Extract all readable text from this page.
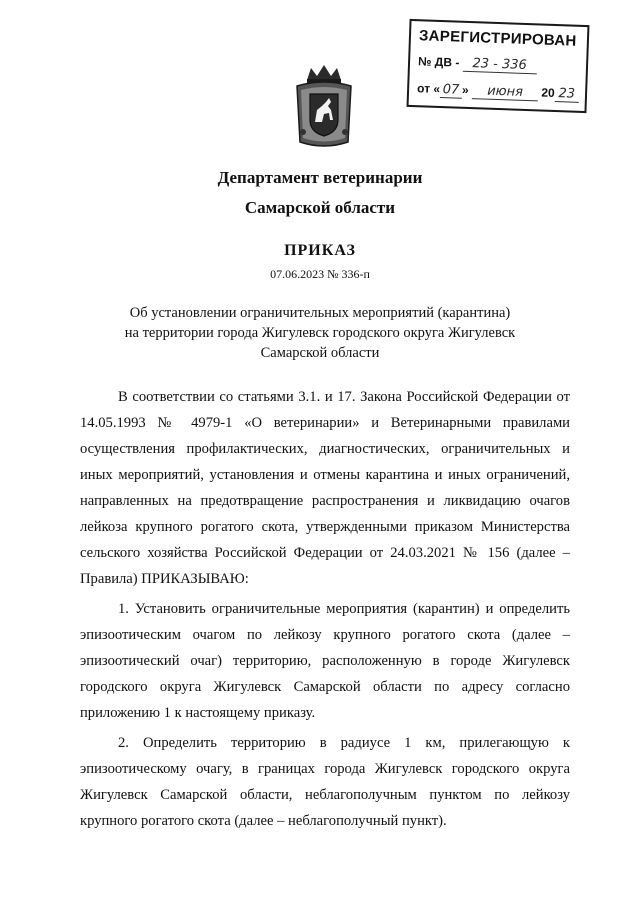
ЗАРЕГИСТРИРОВАН
№ ДВ - 23 - 336
от « 07 » июня 20 23
Департамент ветеринарии
Самарской области
ПРИКАЗ
07.06.2023 № 336-п
Об установлении ограничительных мероприятий (карантина)
на территории города Жигулевск городского округа Жигулевск
Самарской области

В соответствии со статьями 3.1. и 17. Закона Российской Федерации от 14.05.1993 № 4979-1 «О ветеринарии» и Ветеринарными правилами осуществления профилактических, диагностических, ограничительных и иных мероприятий, установления и отмены карантина и иных ограничений, направленных на предотвращение распространения и ликвидацию очагов лейкоза крупного рогатого скота, утвержденными приказом Министерства сельского хозяйства Российской Федерации от 24.03.2021 № 156 (далее – Правила) ПРИКАЗЫВАЮ:

1. Установить ограничительные мероприятия (карантин) и определить эпизоотическим очагом по лейкозу крупного рогатого скота (далее – эпизоотический очаг) территорию, расположенную в городе Жигулевск городского округа Жигулевск Самарской области по адресу согласно приложению 1 к настоящему приказу.

2. Определить территорию в радиусе 1 км, прилегающую к эпизоотическому очагу, в границах города Жигулевск городского округа Жигулевск Самарской области, неблагополучным пунктом по лейкозу крупного рогатого скота (далее – неблагополучный пункт).
